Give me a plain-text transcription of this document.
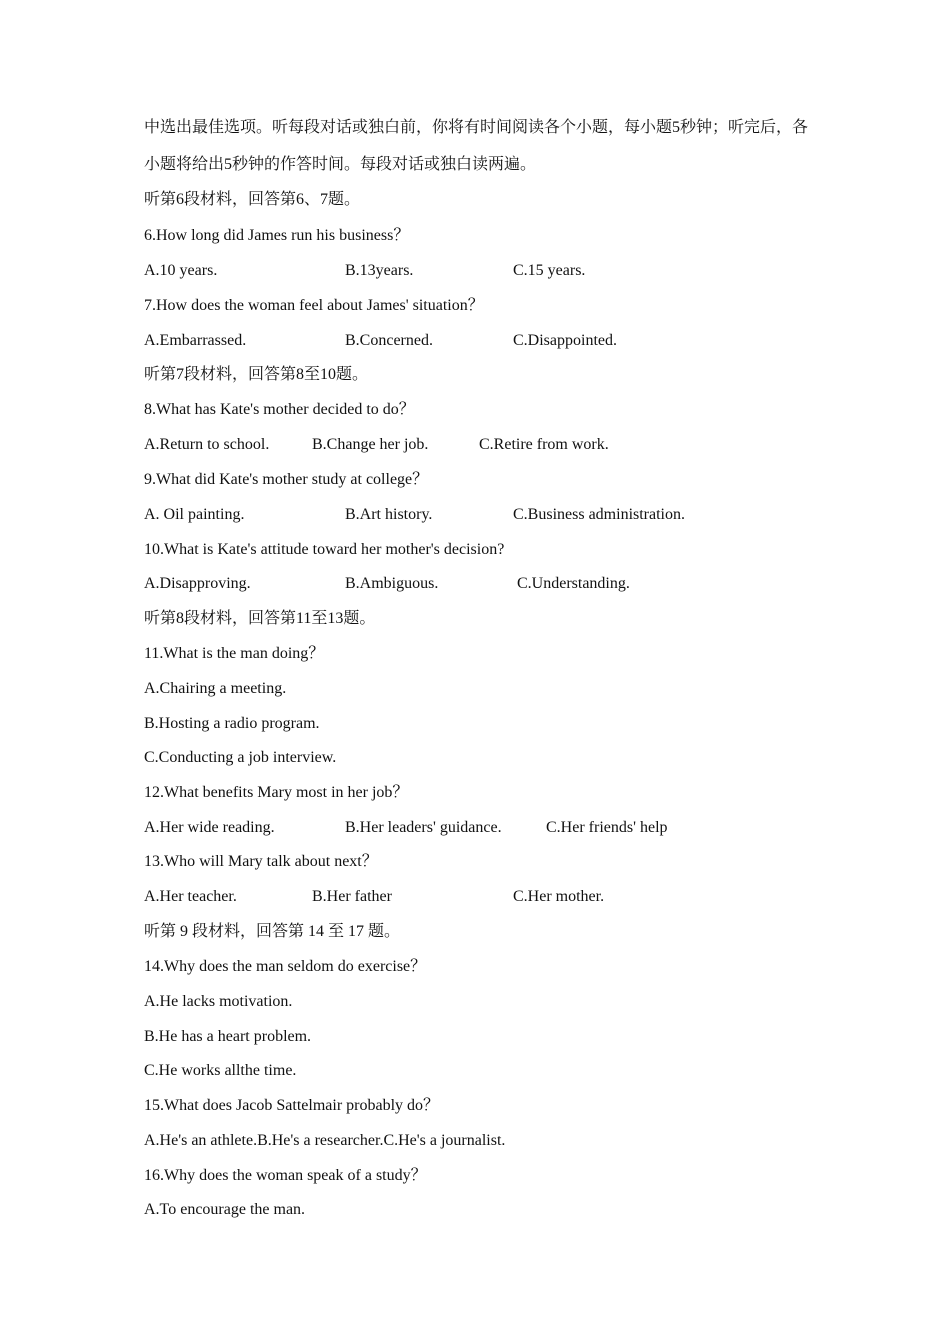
中选出最佳选项。听每段对话或独白前，你将有时间阅读各个小题，每小题5秒钟；听完后，各
小题将给出5秒钟的作答时间。每段对话或独白读两遍。
听第6段材料，回答第6、7题。
6.How long did James run his business？
A.10 years.	B.13years.	C.15 years.
7.How does the woman feel about James' situation？
A.Embarrassed.	B.Concerned.	C.Disappointed.
听第7段材料，回答第8至10题。
8.What has Kate's mother decided to do？
A.Return to school.	B.Change her job.	C.Retire from work.
9.What did Kate's mother study at college？
A. Oil painting.	B.Art history.	C.Business administration.
10.What is Kate's attitude toward her mother's decision?
A.Disapproving.	B.Ambiguous.	C.Understanding.
听第8段材料，回答第11至13题。
11.What is the man doing？
A.Chairing a meeting.
B.Hosting a radio program.
C.Conducting a job interview.
12.What benefits Mary most in her job？
A.Her wide reading.	B.Her leaders' guidance.	C.Her friends' help
13.Who will Mary talk about next？
A.Her teacher.	B.Her father	C.Her mother.
听第 9 段材料，回答第 14 至 17 题。
14.Why does the man seldom do exercise？
A.He lacks motivation.
B.He has a heart problem.
C.He works allthe time.
15.What does Jacob Sattelmair probably do？
A.He's an athlete.B.He's a researcher.C.He's a journalist.
16.Why does the woman speak of a study？
A.To encourage the man.
